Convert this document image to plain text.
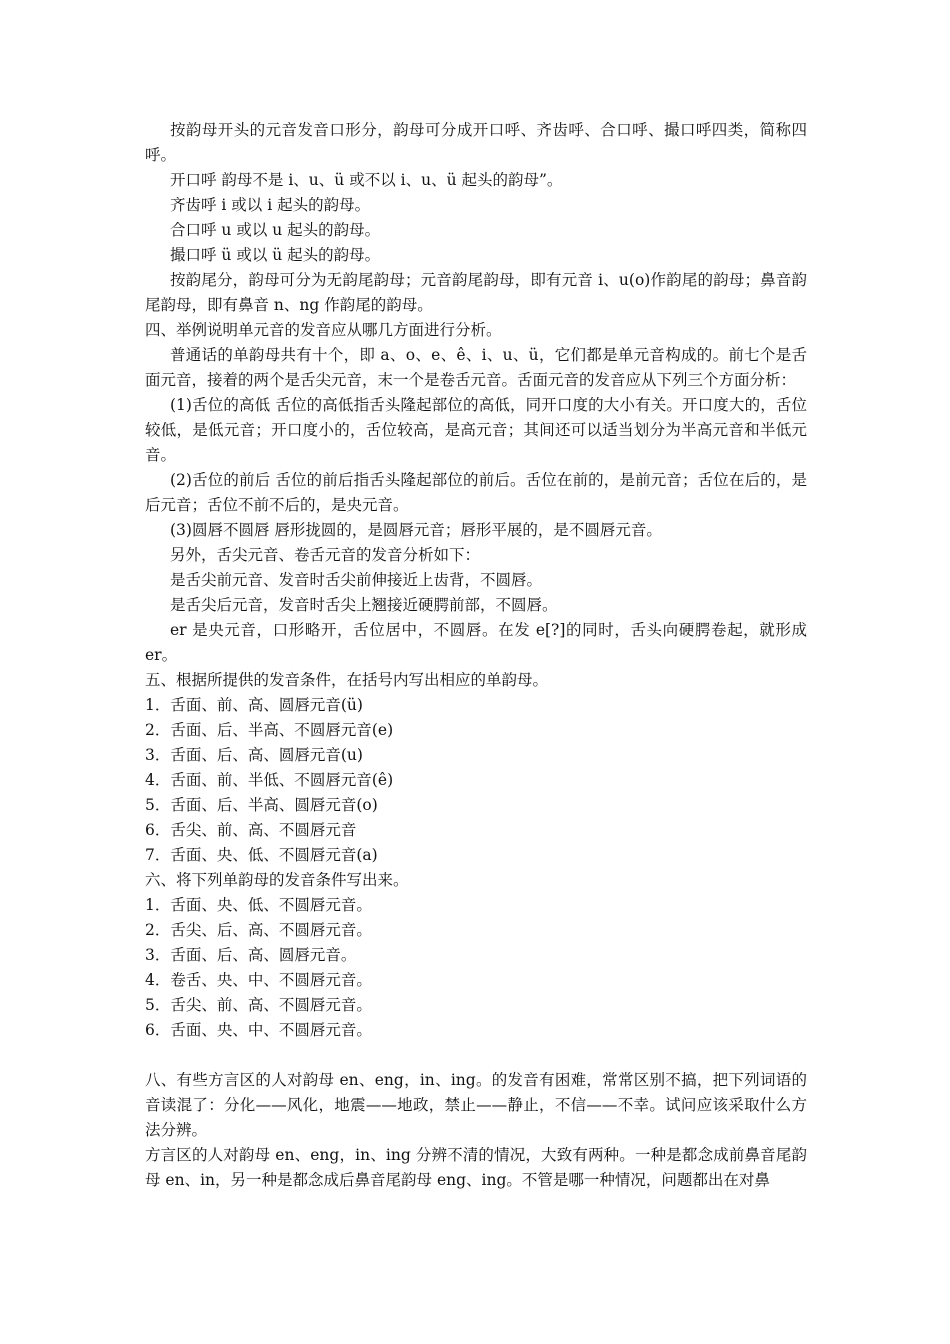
按韵母开头的元音发音口形分，韵母可分成开口呼、齐齿呼、合口呼、撮口呼四类，简称四呼。

开口呼 韵母不是 i、u、ü 或不以 i、u、ü 起头的韵母”。

齐齿呼 i 或以 i 起头的韵母。

合口呼 u 或以 u 起头的韵母。

撮口呼 ü 或以 ü 起头的韵母。

按韵尾分，韵母可分为无韵尾韵母；元音韵尾韵母，即有元音 i、u(o)作韵尾的韵母；鼻音韵尾韵母，即有鼻音 n、ng 作韵尾的韵母。

四、举例说明单元音的发音应从哪几方面进行分析。

普通话的单韵母共有十个，即 a、o、e、ê、i、u、ü，它们都是单元音构成的。前七个是舌面元音，接着的两个是舌尖元音，末一个是卷舌元音。舌面元音的发音应从下列三个方面分析：

(1)舌位的高低 舌位的高低指舌头隆起部位的高低，同开口度的大小有关。开口度大的，舌位较低，是低元音；开口度小的，舌位较高，是高元音；其间还可以适当划分为半高元音和半低元音。

(2)舌位的前后 舌位的前后指舌头隆起部位的前后。舌位在前的，是前元音；舌位在后的，是后元音；舌位不前不后的，是央元音。

(3)圆唇不圆唇 唇形拢圆的，是圆唇元音；唇形平展的，是不圆唇元音。

另外，舌尖元音、卷舌元音的发音分析如下：

是舌尖前元音、发音时舌尖前伸接近上齿背，不圆唇。

是舌尖后元音，发音时舌尖上翘接近硬腭前部，不圆唇。

er 是央元音，口形略开，舌位居中，不圆唇。在发 e[?]的同时，舌头向硬腭卷起，就形成 er。

五、根据所提供的发音条件，在括号内写出相应的单韵母。

1．舌面、前、高、圆唇元音(ü)

2．舌面、后、半高、不圆唇元音(e)

3．舌面、后、高、圆唇元音(u)

4．舌面、前、半低、不圆唇元音(ê)

5．舌面、后、半高、圆唇元音(o)

6．舌尖、前、高、不圆唇元音

7．舌面、央、低、不圆唇元音(a)

六、将下列单韵母的发音条件写出来。

1．舌面、央、低、不圆唇元音。

2．舌尖、后、高、不圆唇元音。

3．舌面、后、高、圆唇元音。

4．卷舌、央、中、不圆唇元音。

5．舌尖、前、高、不圆唇元音。

6．舌面、央、中、不圆唇元音。

八、有些方言区的人对韵母 en、eng，in、ing。的发音有困难，常常区别不搞，把下列词语的音读混了：分化——风化，地震——地政，禁止——静止，不信——不幸。试问应该采取什么方法分辨。

方言区的人对韵母 en、eng，in、ing 分辨不清的情况，大致有两种。一种是都念成前鼻音尾韵母 en、in，另一种是都念成后鼻音尾韵母 eng、ing。不管是哪一种情况，问题都出在对鼻
